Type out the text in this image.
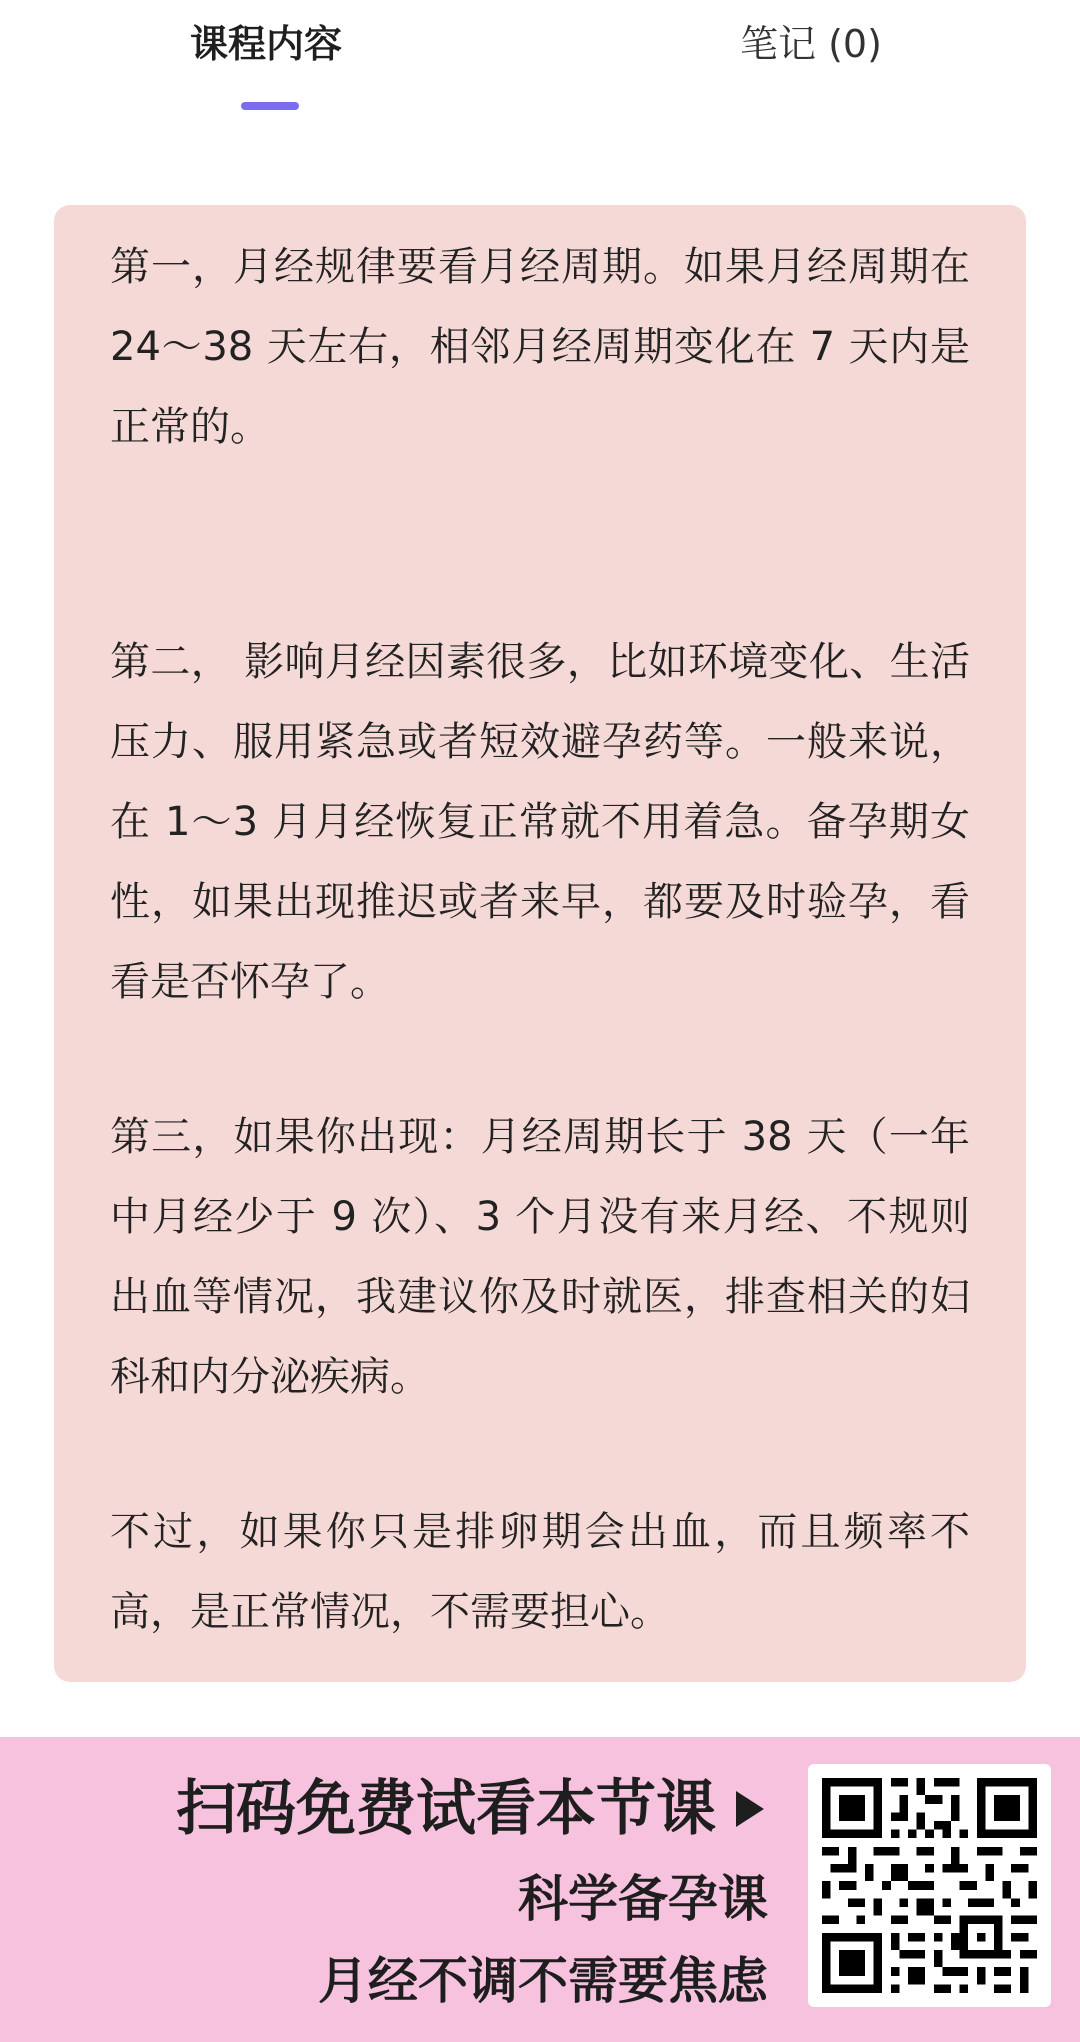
课程内容	笔记 (0)

第一，月经规律要看月经周期。如果月经周期在 24～38 天左右，相邻月经周期变化在 7 天内是正常的。

第二， 影响月经因素很多，比如环境变化、生活压力、服用紧急或者短效避孕药等。一般来说，在 1～3 月月经恢复正常就不用着急。备孕期女性，如果出现推迟或者来早，都要及时验孕，看看是否怀孕了。

第三，如果你出现：月经周期长于 38 天（一年中月经少于 9 次）、3 个月没有来月经、不规则出血等情况，我建议你及时就医，排查相关的妇科和内分泌疾病。

不过，如果你只是排卵期会出血，而且频率不高，是正常情况，不需要担心。

扫码免费试看本节课
科学备孕课
月经不调不需要焦虑
